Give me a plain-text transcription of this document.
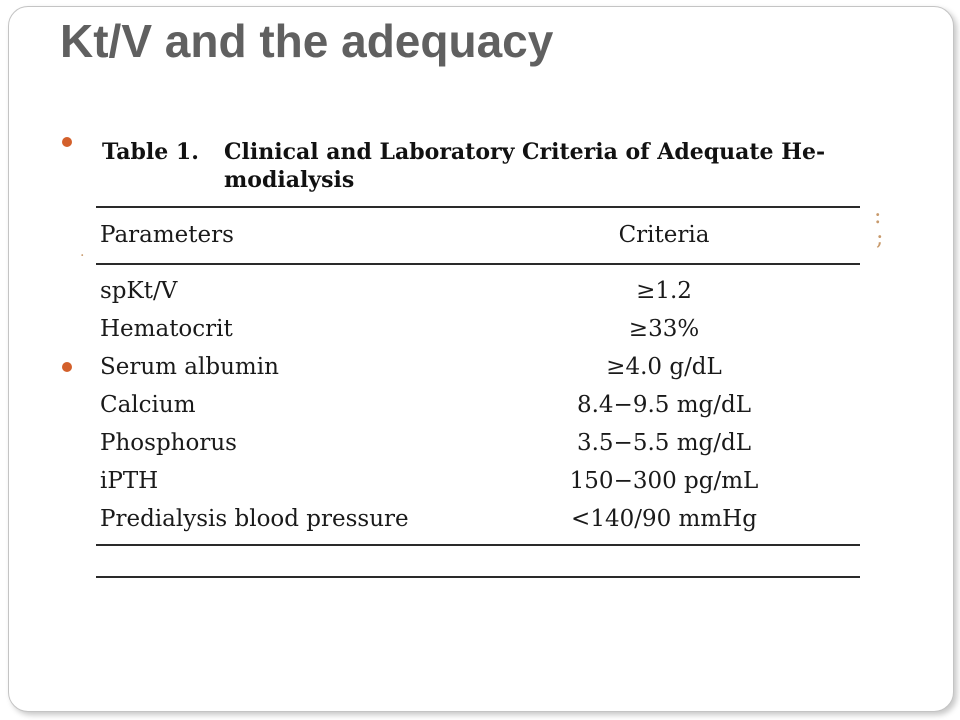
Kt/V and the adequacy
:
;
.
Table 1. Clinical and Laboratory Criteria of Adequate He-
modialysis
Parameters	Criteria
spKt/V	≥1.2
Hematocrit	≥33%
Serum albumin	≥4.0 g/dL
Calcium	8.4−9.5 mg/dL
Phosphorus	3.5−5.5 mg/dL
iPTH	150−300 pg/mL
Predialysis blood pressure	<140/90 mmHg
